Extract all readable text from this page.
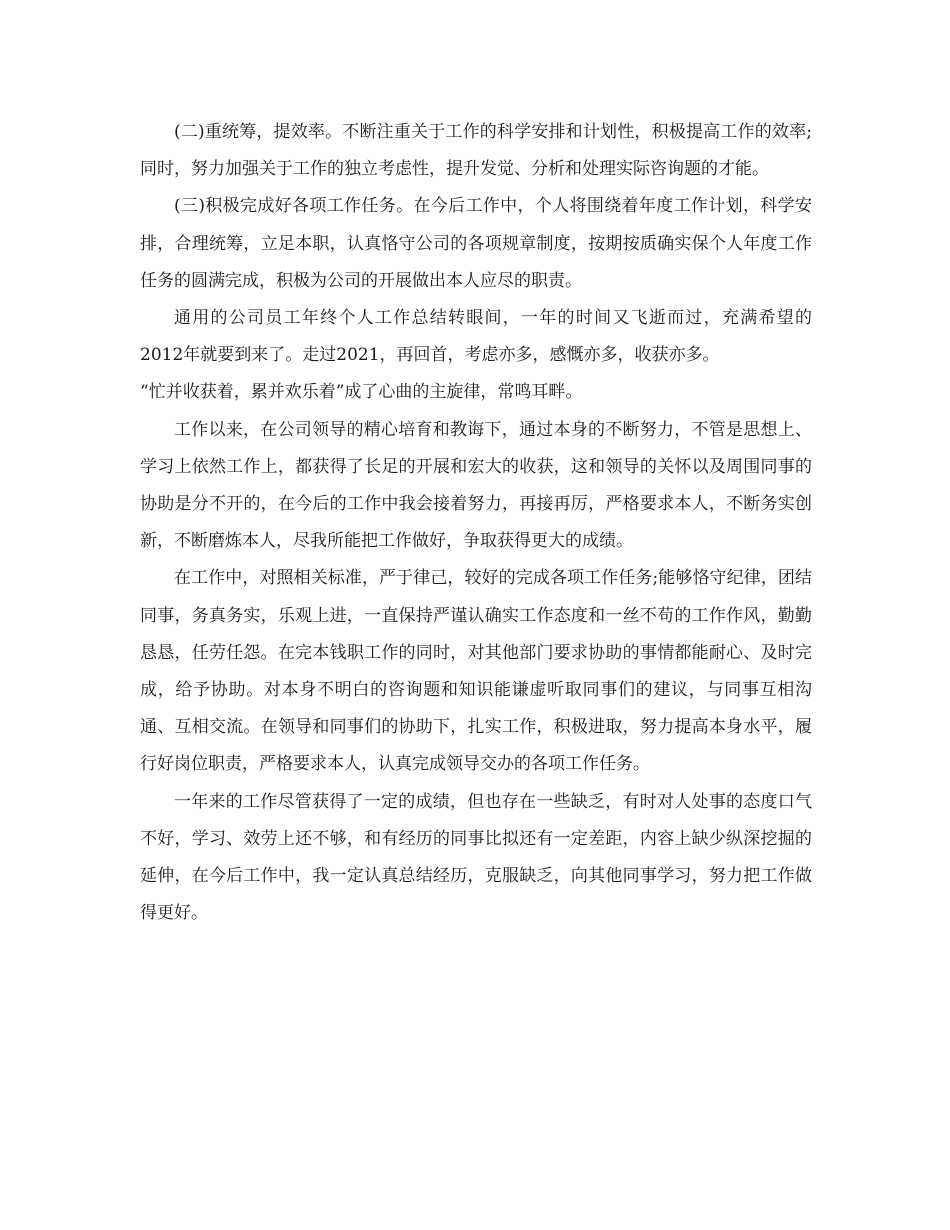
(二)重统筹，提效率。不断注重关于工作的科学安排和计划性，积极提高工作的效率;同时，努力加强关于工作的独立考虑性，提升发觉、分析和处理实际咨询题的才能。

(三)积极完成好各项工作任务。在今后工作中，个人将围绕着年度工作计划，科学安排，合理统筹，立足本职，认真恪守公司的各项规章制度，按期按质确实保个人年度工作任务的圆满完成，积极为公司的开展做出本人应尽的职责。

通用的公司员工年终个人工作总结转眼间，一年的时间又飞逝而过，充满希望的2012年就要到来了。走过2021，再回首，考虑亦多，感慨亦多，收获亦多。

“忙并收获着，累并欢乐着”成了心曲的主旋律，常鸣耳畔。

工作以来，在公司领导的精心培育和教诲下，通过本身的不断努力，不管是思想上、学习上依然工作上，都获得了长足的开展和宏大的收获，这和领导的关怀以及周围同事的协助是分不开的，在今后的工作中我会接着努力，再接再厉，严格要求本人，不断务实创新，不断磨炼本人，尽我所能把工作做好，争取获得更大的成绩。

在工作中，对照相关标准，严于律己，较好的完成各项工作任务;能够恪守纪律，团结同事，务真务实，乐观上进，一直保持严谨认确实工作态度和一丝不苟的工作作风，勤勤恳恳，任劳任怨。在完本钱职工作的同时，对其他部门要求协助的事情都能耐心、及时完成，给予协助。对本身不明白的咨询题和知识能谦虚听取同事们的建议，与同事互相沟通、互相交流。在领导和同事们的协助下，扎实工作，积极进取，努力提高本身水平，履行好岗位职责，严格要求本人，认真完成领导交办的各项工作任务。

一年来的工作尽管获得了一定的成绩，但也存在一些缺乏，有时对人处事的态度口气不好，学习、效劳上还不够，和有经历的同事比拟还有一定差距，内容上缺少纵深挖掘的延伸，在今后工作中，我一定认真总结经历，克服缺乏，向其他同事学习，努力把工作做得更好。
